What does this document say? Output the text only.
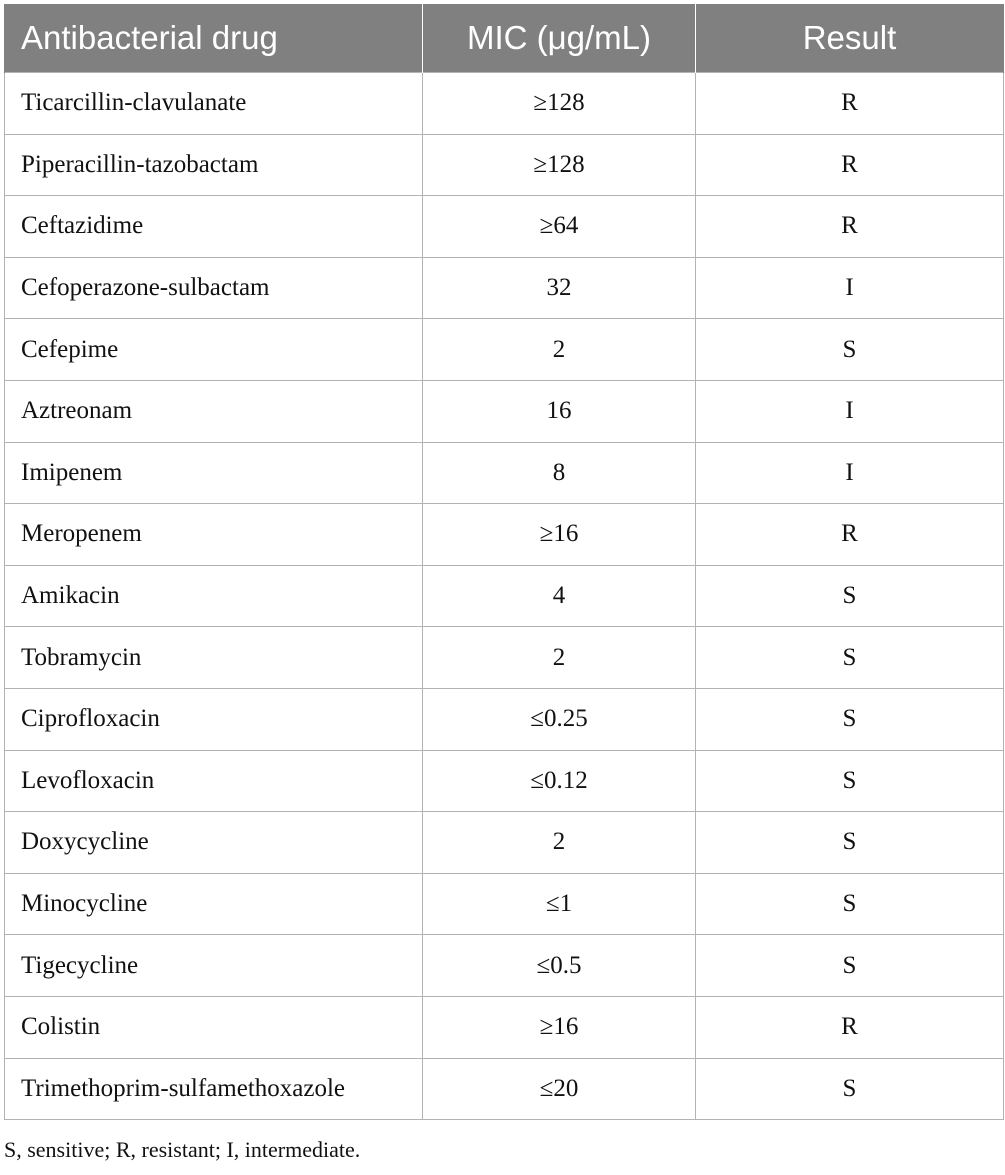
Antibacterial drug	MIC (μg/mL)	Result
Ticarcillin-clavulanate	≥128	R
Piperacillin-tazobactam	≥128	R
Ceftazidime	≥64	R
Cefoperazone-sulbactam	32	I
Cefepime	2	S
Aztreonam	16	I
Imipenem	8	I
Meropenem	≥16	R
Amikacin	4	S
Tobramycin	2	S
Ciprofloxacin	≤0.25	S
Levofloxacin	≤0.12	S
Doxycycline	2	S
Minocycline	≤1	S
Tigecycline	≤0.5	S
Colistin	≥16	R
Trimethoprim-sulfamethoxazole	≤20	S
S, sensitive; R, resistant; I, intermediate.
